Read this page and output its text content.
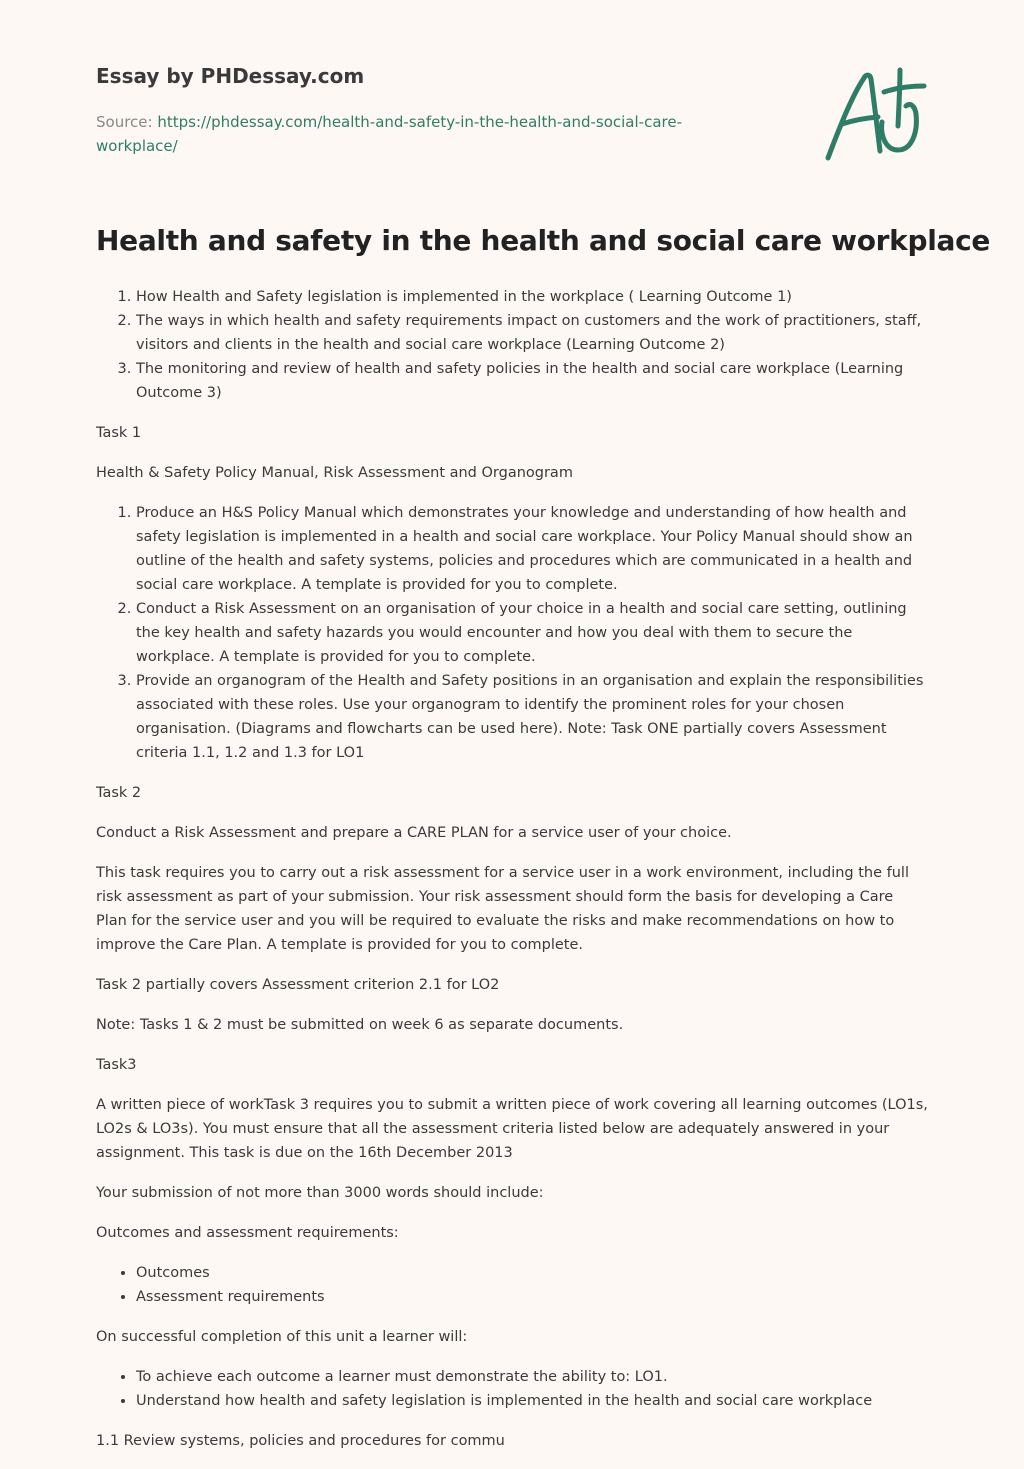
Essay by PHDessay.com
Source: https://phdessay.com/health-and-safety-in-the-health-and-social-care-workplace/
Health and safety in the health and social care workplace
1. How Health and Safety legislation is implemented in the workplace ( Learning Outcome 1)
2. The ways in which health and safety requirements impact on customers and the work of practitioners, staff, visitors and clients in the health and social care workplace (Learning Outcome 2)
3. The monitoring and review of health and safety policies in the health and social care workplace (Learning Outcome 3)

Task 1

Health & Safety Policy Manual, Risk Assessment and Organogram

1. Produce an H&S Policy Manual which demonstrates your knowledge and understanding of how health and safety legislation is implemented in a health and social care workplace. Your Policy Manual should show an outline of the health and safety systems, policies and procedures which are communicated in a health and social care workplace. A template is provided for you to complete.
2. Conduct a Risk Assessment on an organisation of your choice in a health and social care setting, outlining the key health and safety hazards you would encounter and how you deal with them to secure the workplace. A template is provided for you to complete.
3. Provide an organogram of the Health and Safety positions in an organisation and explain the responsibilities associated with these roles. Use your organogram to identify the prominent roles for your chosen organisation. (Diagrams and flowcharts can be used here). Note: Task ONE partially covers Assessment criteria 1.1, 1.2 and 1.3 for LO1

Task 2

Conduct a Risk Assessment and prepare a CARE PLAN for a service user of your choice.

This task requires you to carry out a risk assessment for a service user in a work environment, including the full risk assessment as part of your submission. Your risk assessment should form the basis for developing a Care Plan for the service user and you will be required to evaluate the risks and make recommendations on how to improve the Care Plan. A template is provided for you to complete.

Task 2 partially covers Assessment criterion 2.1 for LO2

Note: Tasks 1 & 2 must be submitted on week 6 as separate documents.

Task3

A written piece of workTask 3 requires you to submit a written piece of work covering all learning outcomes (LO1s, LO2s & LO3s). You must ensure that all the assessment criteria listed below are adequately answered in your assignment. This task is due on the 16th December 2013

Your submission of not more than 3000 words should include:

Outcomes and assessment requirements:

• Outcomes
• Assessment requirements

On successful completion of this unit a learner will:

• To achieve each outcome a learner must demonstrate the ability to: LO1.
• Understand how health and safety legislation is implemented in the health and social care workplace

1.1 Review systems, policies and procedures for commu
